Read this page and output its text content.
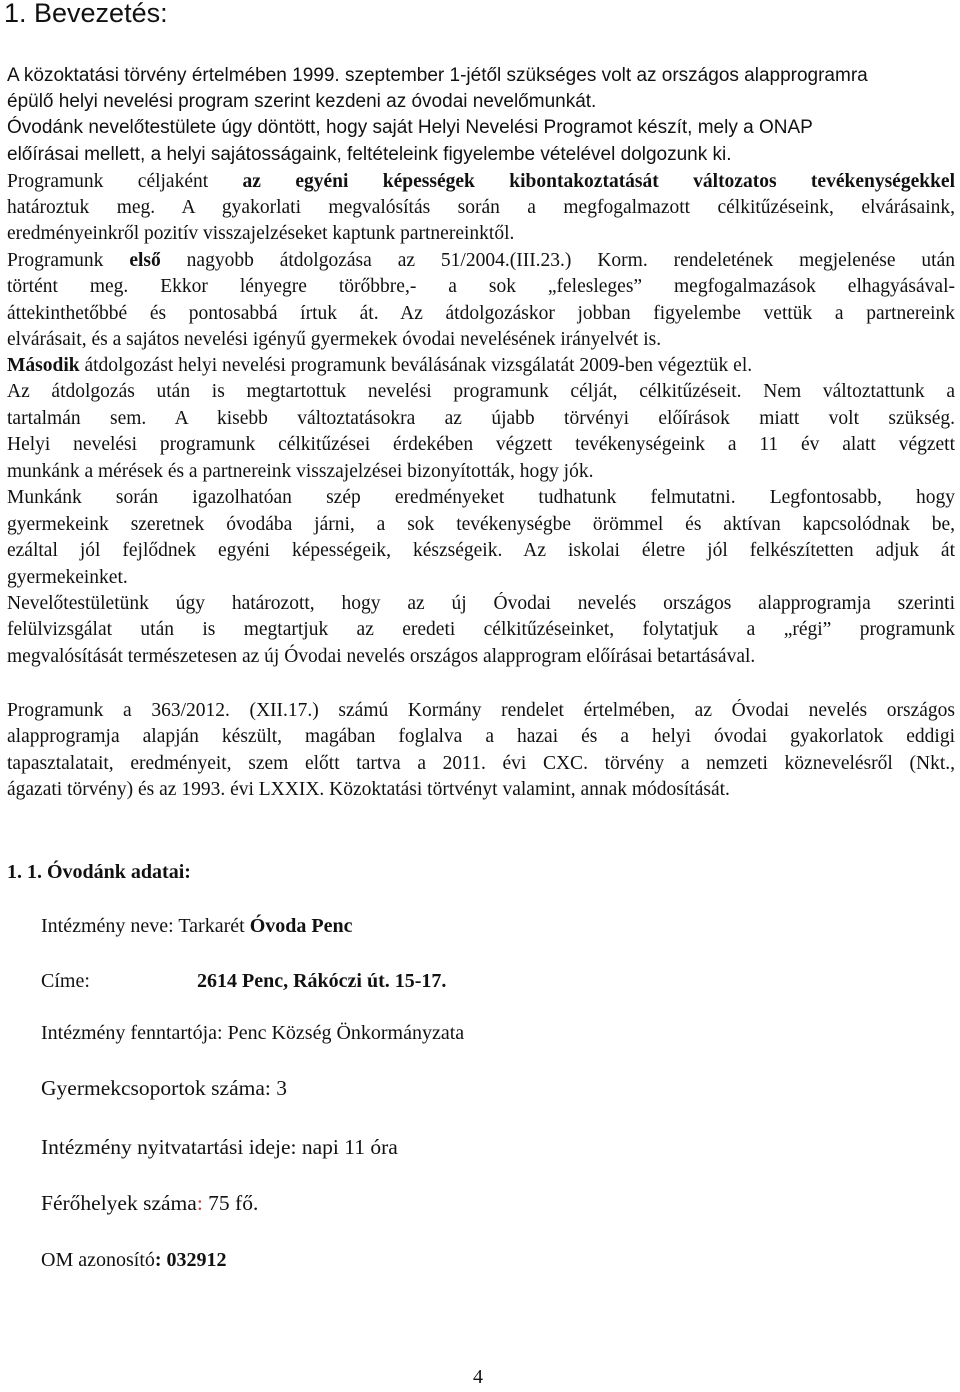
1. Bevezetés:
A közoktatási törvény értelmében 1999. szeptember 1-jétől szükséges volt az országos alapprogramra
épülő helyi nevelési program szerint kezdeni az óvodai nevelőmunkát.
Óvodánk nevelőtestülete úgy döntött, hogy saját Helyi Nevelési Programot készít, mely a ONAP
előírásai mellett, a helyi sajátosságaink, feltételeink figyelembe vételével dolgozunk ki.
Programunk céljaként az egyéni képességek kibontakoztatását változatos tevékenységekkel
határoztuk meg. A gyakorlati megvalósítás során a megfogalmazott célkitűzéseink, elvárásaink,
eredményeinkről pozitív visszajelzéseket kaptunk partnereinktől.
Programunk első nagyobb átdolgozása az 51/2004.(III.23.) Korm. rendeletének megjelenése után
történt meg. Ekkor lényegre törőbbre,- a sok „felesleges” megfogalmazások elhagyásával-
áttekinthetőbbé és pontosabbá írtuk át. Az átdolgozáskor jobban figyelembe vettük a partnereink
elvárásait, és a sajátos nevelési igényű gyermekek óvodai nevelésének irányelvét is.
Második átdolgozást helyi nevelési programunk beválásának vizsgálatát 2009-ben végeztük el.
Az átdolgozás után is megtartottuk nevelési programunk célját, célkitűzéseit. Nem változtattunk a
tartalmán sem. A kisebb változtatásokra az újabb törvényi előírások miatt volt szükség.
Helyi nevelési programunk célkitűzései érdekében végzett tevékenységeink a 11 év alatt végzett
munkánk a mérések és a partnereink visszajelzései bizonyították, hogy jók.
Munkánk során igazolhatóan szép eredményeket tudhatunk felmutatni. Legfontosabb, hogy
gyermekeink szeretnek óvodába járni, a sok tevékenységbe örömmel és aktívan kapcsolódnak be,
ezáltal jól fejlődnek egyéni képességeik, készségeik. Az iskolai életre jól felkészítetten adjuk át
gyermekeinket.
Nevelőtestületünk úgy határozott, hogy az új Óvodai nevelés országos alapprogramja szerinti
felülvizsgálat után is megtartjuk az eredeti célkitűzéseinket, folytatjuk a „régi” programunk
megvalósítását természetesen az új Óvodai nevelés országos alapprogram előírásai betartásával.
Programunk a 363/2012. (XII.17.) számú Kormány rendelet értelmében, az Óvodai nevelés országos
alapprogramja alapján készült, magában foglalva a hazai és a helyi óvodai gyakorlatok eddigi
tapasztalatait, eredményeit, szem előtt tartva a 2011. évi CXC. törvény a nemzeti köznevelésről (Nkt.,
ágazati törvény) és az 1993. évi LXXIX. Közoktatási törtvényt valamint, annak módosítását.
1. 1. Óvodánk adatai:
Intézmény neve: Tarkarét Óvoda Penc
Címe:	2614 Penc, Rákóczi út. 15-17.
Intézmény fenntartója: Penc Község Önkormányzata
Gyermekcsoportok száma: 3
Intézmény nyitvatartási ideje: napi 11 óra
Férőhelyek száma: 75 fő.
OM azonosító: 032912
4
